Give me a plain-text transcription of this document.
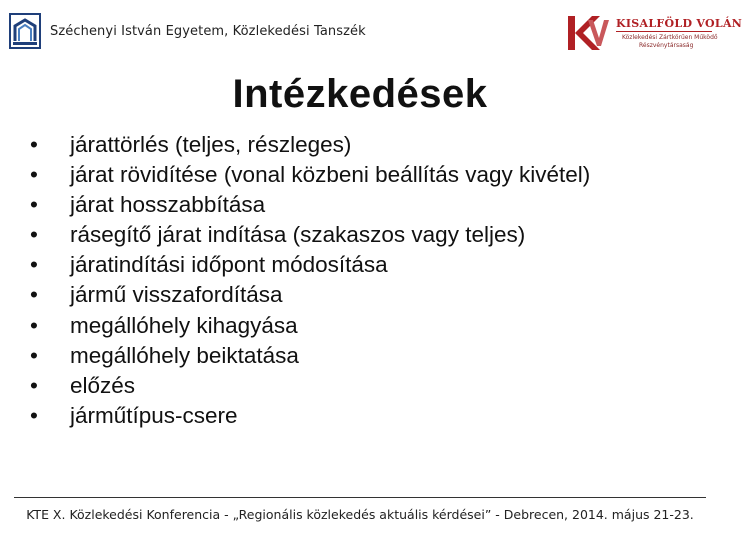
Széchenyi István Egyetem, Közlekedési Tanszék
KISALFÖLD VOLÁN
Közlekedési Zártkörűen Működő
Részvénytársaság
Intézkedések
•	járattörlés (teljes, részleges)
•	járat rövidítése (vonal közbeni beállítás vagy kivétel)
•	járat hosszabbítása
•	rásegítő járat indítása (szakaszos vagy teljes)
•	járatindítási időpont módosítása
•	jármű visszafordítása
•	megállóhely kihagyása
•	megállóhely beiktatása
•	előzés
•	járműtípus-csere
KTE X. Közlekedési Konferencia - „Regionális közlekedés aktuális kérdései” - Debrecen, 2014. május 21-23.
